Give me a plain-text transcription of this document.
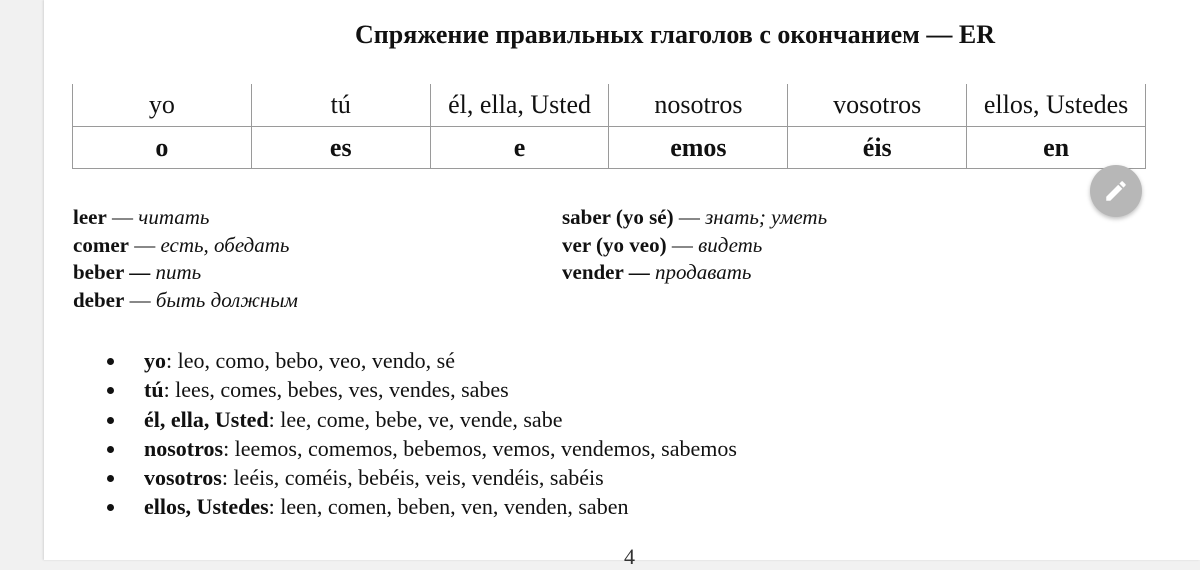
Спряжение правильных глаголов с окончанием — ER
yo	tú	él, ella, Usted	nosotros	vosotros	ellos, Ustedes
o	es	e	emos	éis	en
leer — читать
comer — есть, обедать
beber — пить
deber — быть должным
saber (yo sé) — знать; уметь
ver (yo veo) — видеть
vender — продавать
yo: leo, como, bebo, veo, vendo, sé
tú: lees, comes, bebes, ves, vendes, sabes
él, ella, Usted: lee, come, bebe, ve, vende, sabe
nosotros: leemos, comemos, bebemos, vemos, vendemos, sabemos
vosotros: leéis, coméis, bebéis, veis, vendéis, sabéis
ellos, Ustedes: leen, comen, beben, ven, venden, saben
4
